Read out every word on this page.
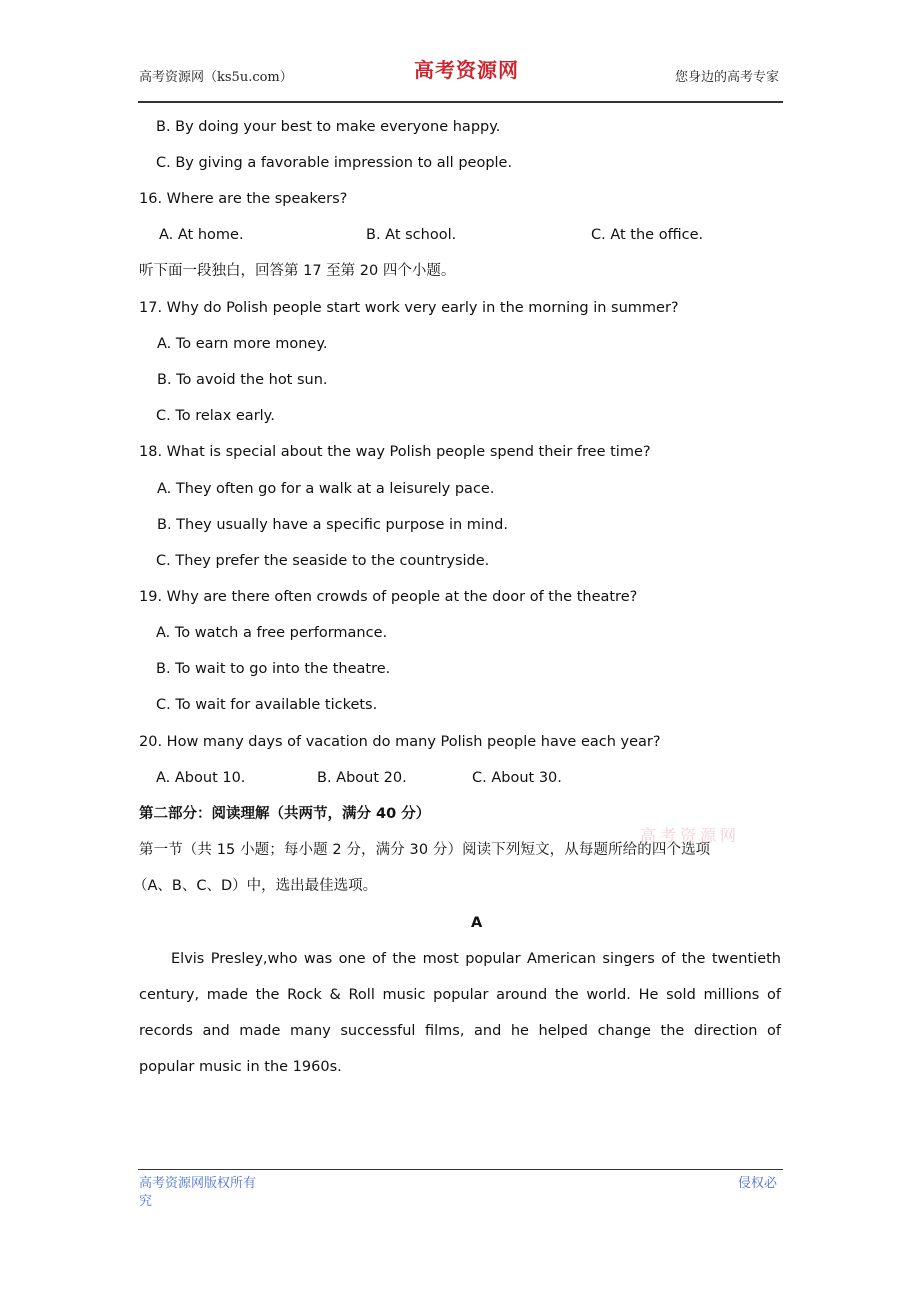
高考资源网（ks5u.com）	高考资源网	您身边的高考专家
B. By doing your best to make everyone happy.
C. By giving a favorable impression to all people.
16. Where are the speakers?
A. At home.	B. At school.	C. At the office.
听下面一段独白，回答第 17 至第 20 四个小题。
17. Why do Polish people start work very early in the morning in summer?
A. To earn more money.
B. To avoid the hot sun.
C. To relax early.
18. What is special about the way Polish people spend their free time?
A. They often go for a walk at a leisurely pace.
B. They usually have a specific purpose in mind.
C. They prefer the seaside to the countryside.
19. Why are there often crowds of people at the door of the theatre?
A. To watch a free performance.
B. To wait to go into the theatre.
C. To wait for available tickets.
20. How many days of vacation do many Polish people have each year?
A. About 10.	B. About 20.	C. About 30.
第二部分：阅读理解（共两节，满分 40 分）
高考资源网
第一节（共 15 小题；每小题 2 分，满分 30 分）阅读下列短文，从每题所给的四个选项
（A、B、C、D）中，选出最佳选项。
A
Elvis Presley,who was one of the most popular American singers of the twentieth century, made the Rock & Roll music popular around the world. He sold millions of records and made many successful films, and he helped change the direction of popular music in the 1960s.
高考资源网版权所有
究
侵权必
